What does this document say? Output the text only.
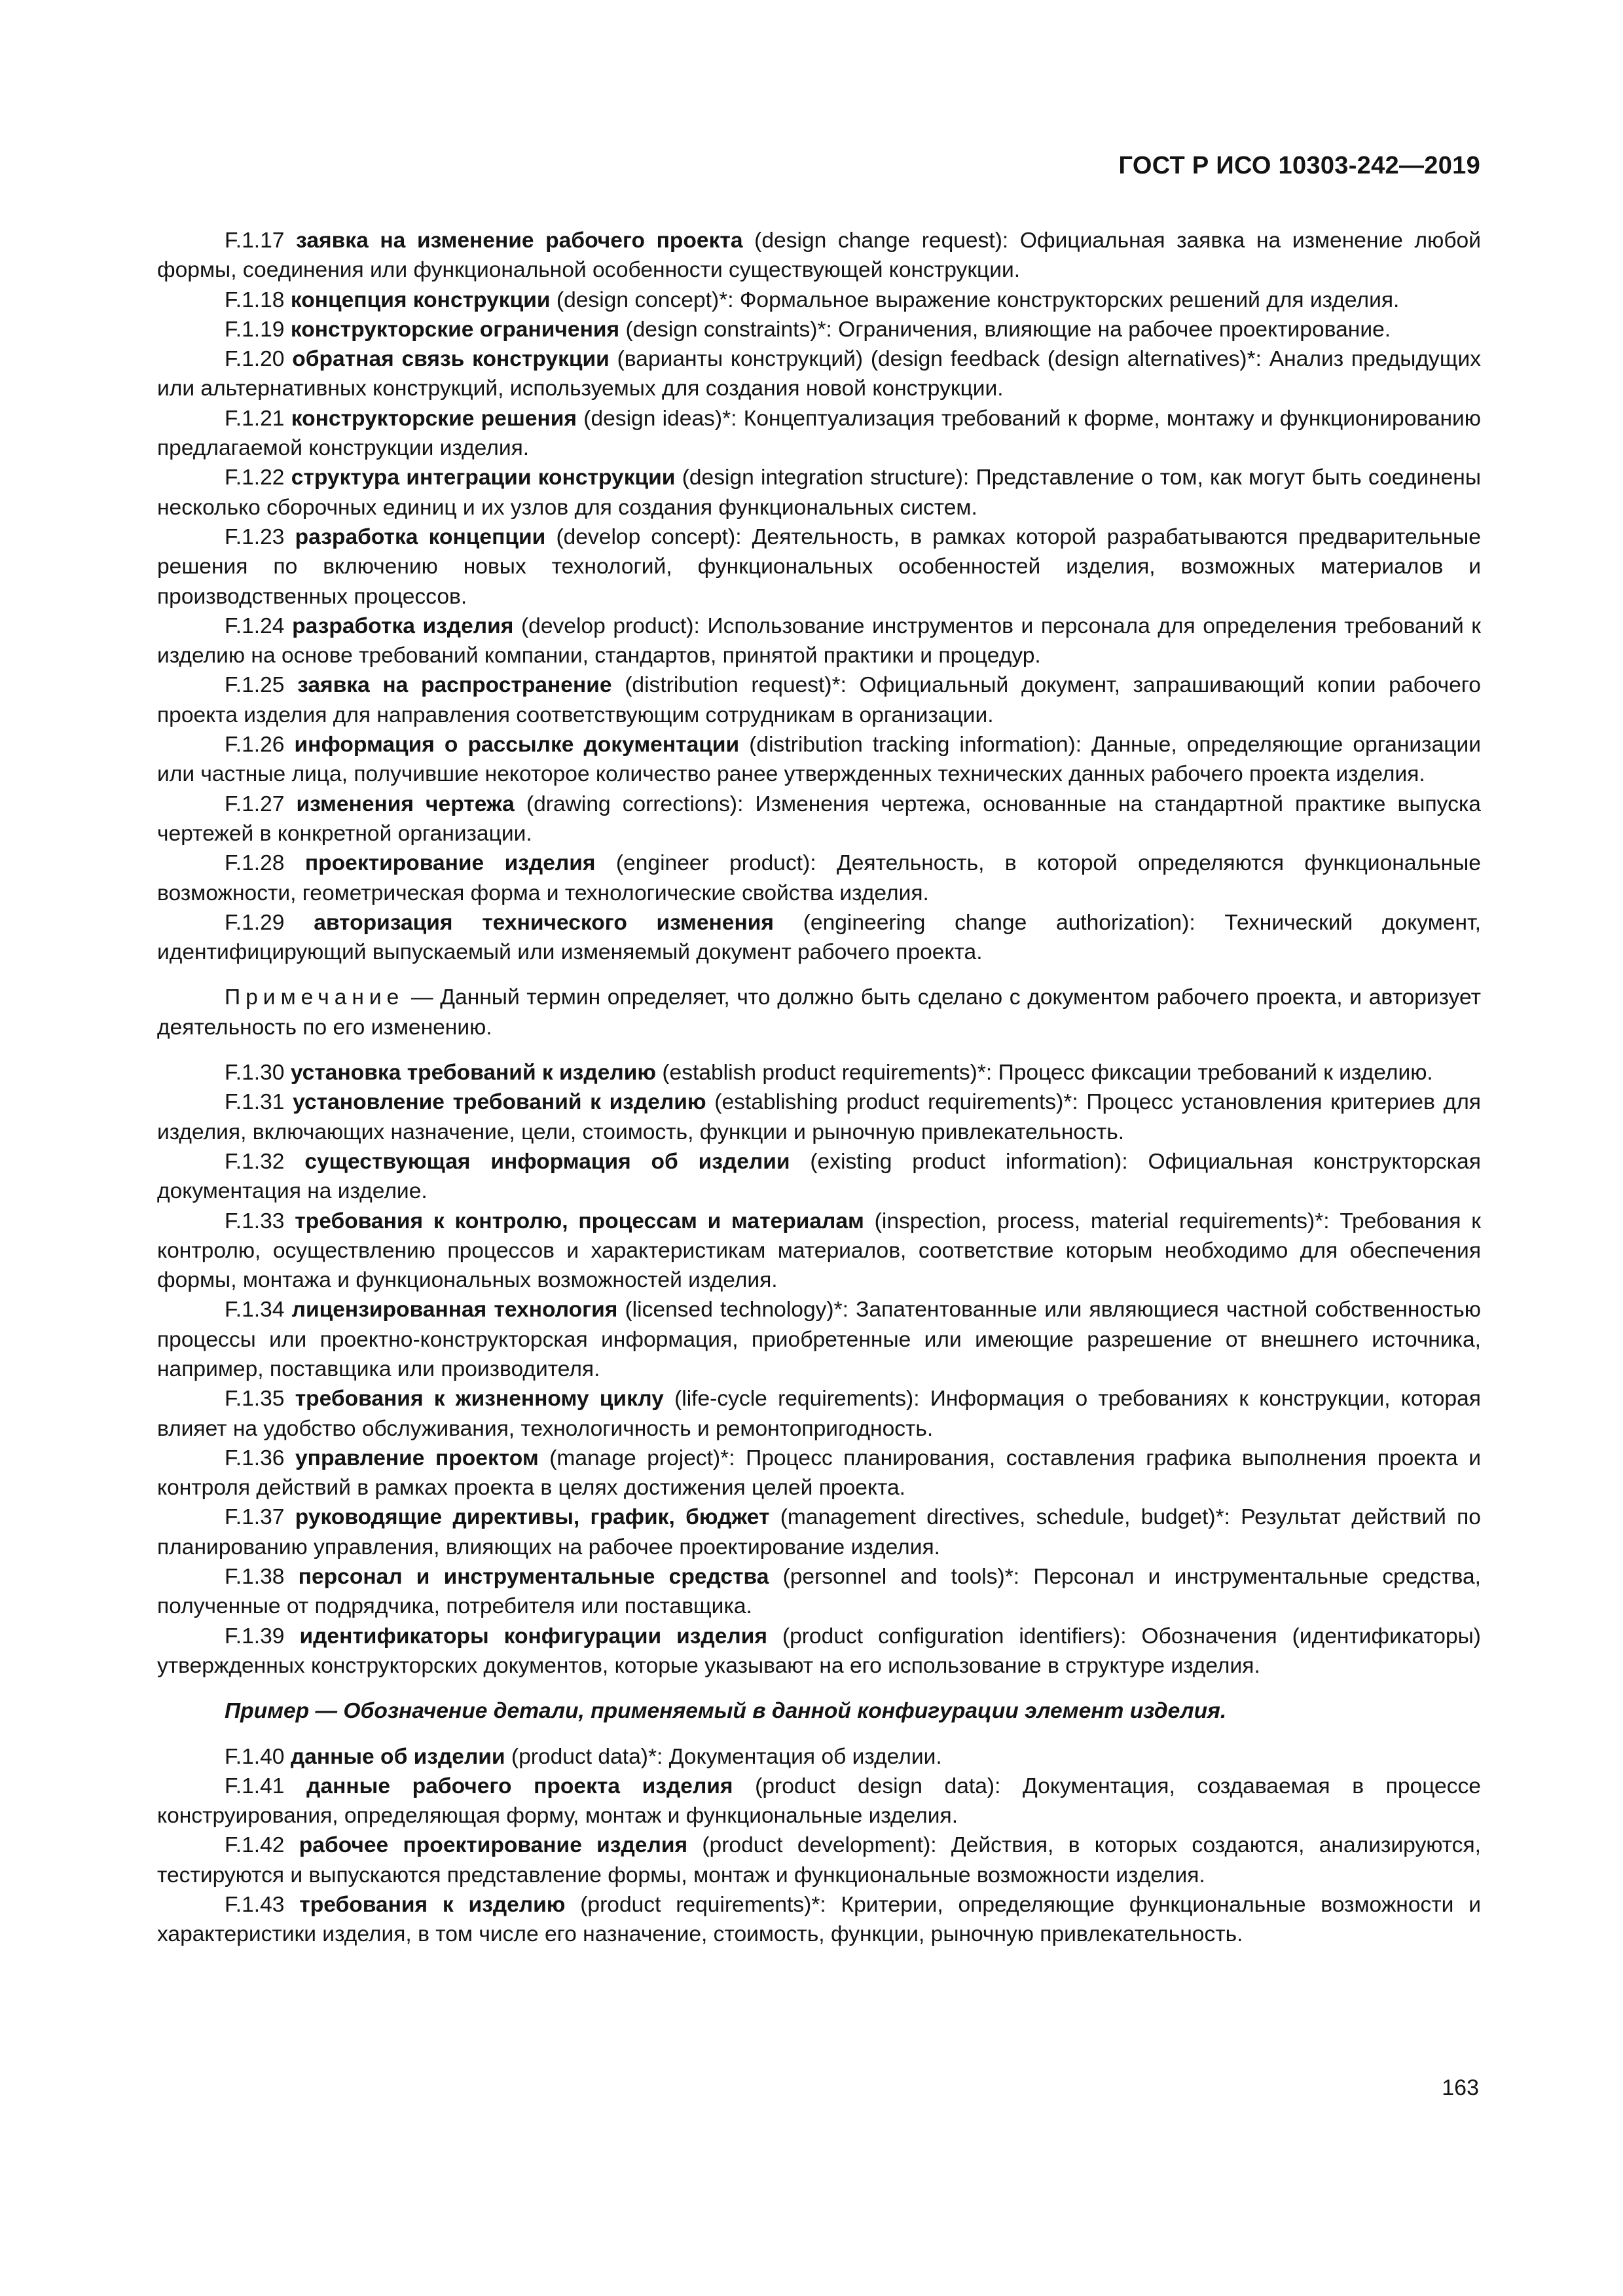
ГОСТ Р ИСО 10303-242—2019

F.1.17 заявка на изменение рабочего проекта (design change request): Официальная заявка на изменение любой формы, соединения или функциональной особенности существующей конструкции.

F.1.18 концепция конструкции (design concept)*: Формальное выражение конструкторских решений для изделия.

F.1.19 конструкторские ограничения (design constraints)*: Ограничения, влияющие на рабочее проектирование.

F.1.20 обратная связь конструкции (варианты конструкций) (design feedback (design alternatives)*: Анализ предыдущих или альтернативных конструкций, используемых для создания новой конструкции.

F.1.21 конструкторские решения (design ideas)*: Концептуализация требований к форме, монтажу и функционированию предлагаемой конструкции изделия.

F.1.22 структура интеграции конструкции (design integration structure): Представление о том, как могут быть соединены несколько сборочных единиц и их узлов для создания функциональных систем.

F.1.23 разработка концепции (develop concept): Деятельность, в рамках которой разрабатываются предварительные решения по включению новых технологий, функциональных особенностей изделия, возможных материалов и производственных процессов.

F.1.24 разработка изделия (develop product): Использование инструментов и персонала для определения требований к изделию на основе требований компании, стандартов, принятой практики и процедур.

F.1.25 заявка на распространение (distribution request)*: Официальный документ, запрашивающий копии рабочего проекта изделия для направления соответствующим сотрудникам в организации.

F.1.26 информация о рассылке документации (distribution tracking information): Данные, определяющие организации или частные лица, получившие некоторое количество ранее утвержденных технических данных рабочего проекта изделия.

F.1.27 изменения чертежа (drawing corrections): Изменения чертежа, основанные на стандартной практике выпуска чертежей в конкретной организации.

F.1.28 проектирование изделия (engineer product): Деятельность, в которой определяются функциональные возможности, геометрическая форма и технологические свойства изделия.

F.1.29 авторизация технического изменения (engineering change authorization): Технический документ, идентифицирующий выпускаемый или изменяемый документ рабочего проекта.

Примечание — Данный термин определяет, что должно быть сделано с документом рабочего проекта, и авторизует деятельность по его изменению.

F.1.30 установка требований к изделию (establish product requirements)*: Процесс фиксации требований к изделию.

F.1.31 установление требований к изделию (establishing product requirements)*: Процесс установления критериев для изделия, включающих назначение, цели, стоимость, функции и рыночную привлекательность.

F.1.32 существующая информация об изделии (existing product information): Официальная конструкторская документация на изделие.

F.1.33 требования к контролю, процессам и материалам (inspection, process, material requirements)*: Требования к контролю, осуществлению процессов и характеристикам материалов, соответствие которым необходимо для обеспечения формы, монтажа и функциональных возможностей изделия.

F.1.34 лицензированная технология (licensed technology)*: Запатентованные или являющиеся частной собственностью процессы или проектно-конструкторская информация, приобретенные или имеющие разрешение от внешнего источника, например, поставщика или производителя.

F.1.35 требования к жизненному циклу (life-cycle requirements): Информация о требованиях к конструкции, которая влияет на удобство обслуживания, технологичность и ремонтопригодность.

F.1.36 управление проектом (manage project)*: Процесс планирования, составления графика выполнения проекта и контроля действий в рамках проекта в целях достижения целей проекта.

F.1.37 руководящие директивы, график, бюджет (management directives, schedule, budget)*: Результат действий по планированию управления, влияющих на рабочее проектирование изделия.

F.1.38 персонал и инструментальные средства (personnel and tools)*: Персонал и инструментальные средства, полученные от подрядчика, потребителя или поставщика.

F.1.39 идентификаторы конфигурации изделия (product configuration identifiers): Обозначения (идентификаторы) утвержденных конструкторских документов, которые указывают на его использование в структуре изделия.

Пример — Обозначение детали, применяемый в данной конфигурации элемент изделия.

F.1.40 данные об изделии (product data)*: Документация об изделии.

F.1.41 данные рабочего проекта изделия (product design data): Документация, создаваемая в процессе конструирования, определяющая форму, монтаж и функциональные изделия.

F.1.42 рабочее проектирование изделия (product development): Действия, в которых создаются, анализируются, тестируются и выпускаются представление формы, монтаж и функциональные возможности изделия.

F.1.43 требования к изделию (product requirements)*: Критерии, определяющие функциональные возможности и характеристики изделия, в том числе его назначение, стоимость, функции, рыночную привлекательность.

163
